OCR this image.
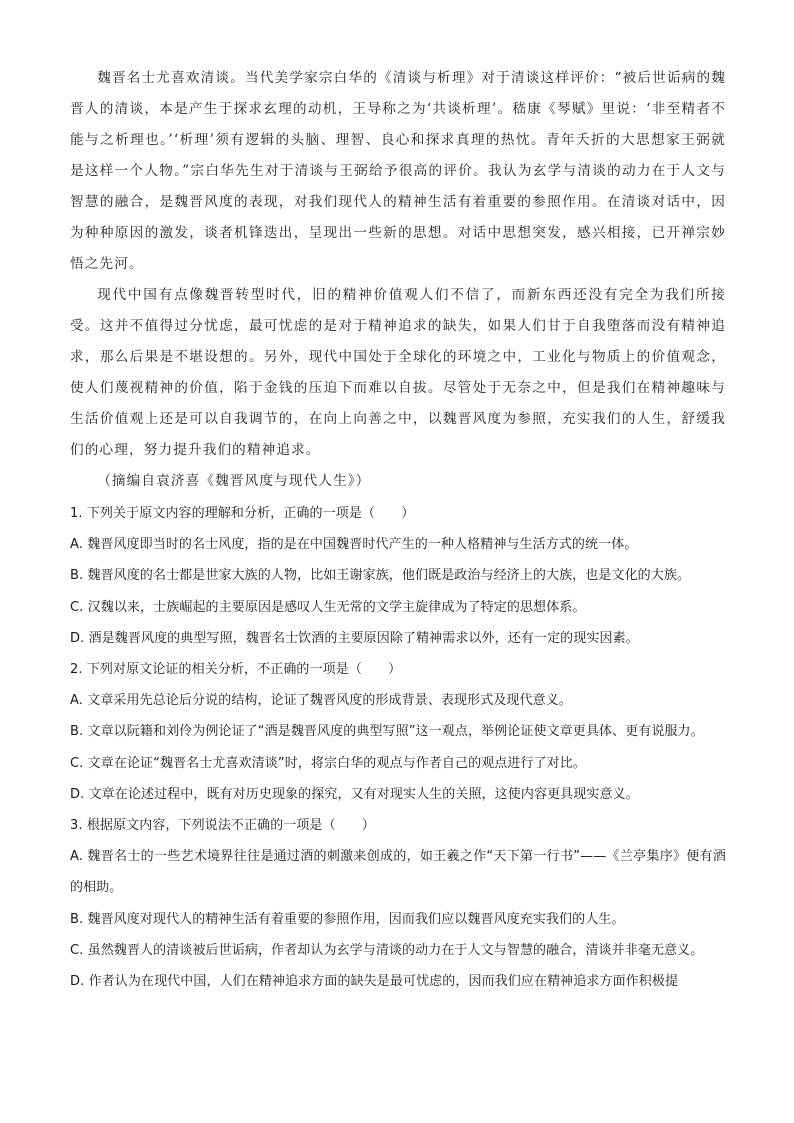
魏晋名士尤喜欢清谈。当代美学家宗白华的《清谈与析理》对于清谈这样评价：“被后世诟病的魏晋人的清谈，本是产生于探求玄理的动机，王导称之为‘共谈析理’。嵇康《琴赋》里说：‘非至精者不能与之析理也。’‘析理’须有逻辑的头脑、理智、良心和探求真理的热忱。青年夭折的大思想家王弼就是这样一个人物。”宗白华先生对于清谈与王弼给予很高的评价。我认为玄学与清谈的动力在于人文与智慧的融合，是魏晋风度的表现，对我们现代人的精神生活有着重要的参照作用。在清谈对话中，因为种种原因的激发，谈者机锋迭出，呈现出一些新的思想。对话中思想突发，感兴相接，已开禅宗妙悟之先河。

现代中国有点像魏晋转型时代，旧的精神价值观人们不信了，而新东西还没有完全为我们所接受。这并不值得过分忧虑，最可忧虑的是对于精神追求的缺失，如果人们甘于自我堕落而没有精神追求，那么后果是不堪设想的。另外，现代中国处于全球化的环境之中，工业化与物质上的价值观念，使人们蔑视精神的价值，陷于金钱的压迫下而难以自拔。尽管处于无奈之中，但是我们在精神趣味与生活价值观上还是可以自我调节的，在向上向善之中，以魏晋风度为参照，充实我们的人生，舒缓我们的心理，努力提升我们的精神追求。

（摘编自袁济喜《魏晋风度与现代人生》）

1. 下列关于原文内容的理解和分析，正确的一项是（　　）

A. 魏晋风度即当时的名士风度，指的是在中国魏晋时代产生的一种人格精神与生活方式的统一体。

B. 魏晋风度的名士都是世家大族的人物，比如王谢家族，他们既是政治与经济上的大族，也是文化的大族。

C. 汉魏以来，士族崛起的主要原因是感叹人生无常的文学主旋律成为了特定的思想体系。

D. 酒是魏晋风度的典型写照，魏晋名士饮酒的主要原因除了精神需求以外，还有一定的现实因素。

2. 下列对原文论证的相关分析，不正确的一项是（　　）

A. 文章采用先总论后分说的结构，论证了魏晋风度的形成背景、表现形式及现代意义。

B. 文章以阮籍和刘伶为例论证了“酒是魏晋风度的典型写照”这一观点，举例论证使文章更具体、更有说服力。

C. 文章在论证“魏晋名士尤喜欢清谈”时，将宗白华的观点与作者自己的观点进行了对比。

D. 文章在论述过程中，既有对历史现象的探究，又有对现实人生的关照，这使内容更具现实意义。

3. 根据原文内容，下列说法不正确的一项是（　　）

A. 魏晋名士的一些艺术境界往往是通过酒的刺激来创成的，如王羲之作“天下第一行书”——《兰亭集序》便有酒的相助。

B. 魏晋风度对现代人的精神生活有着重要的参照作用，因而我们应以魏晋风度充实我们的人生。

C. 虽然魏晋人的清谈被后世诟病，作者却认为玄学与清谈的动力在于人文与智慧的融合，清谈并非毫无意义。

D. 作者认为在现代中国，人们在精神追求方面的缺失是最可忧虑的，因而我们应在精神追求方面作积极提
